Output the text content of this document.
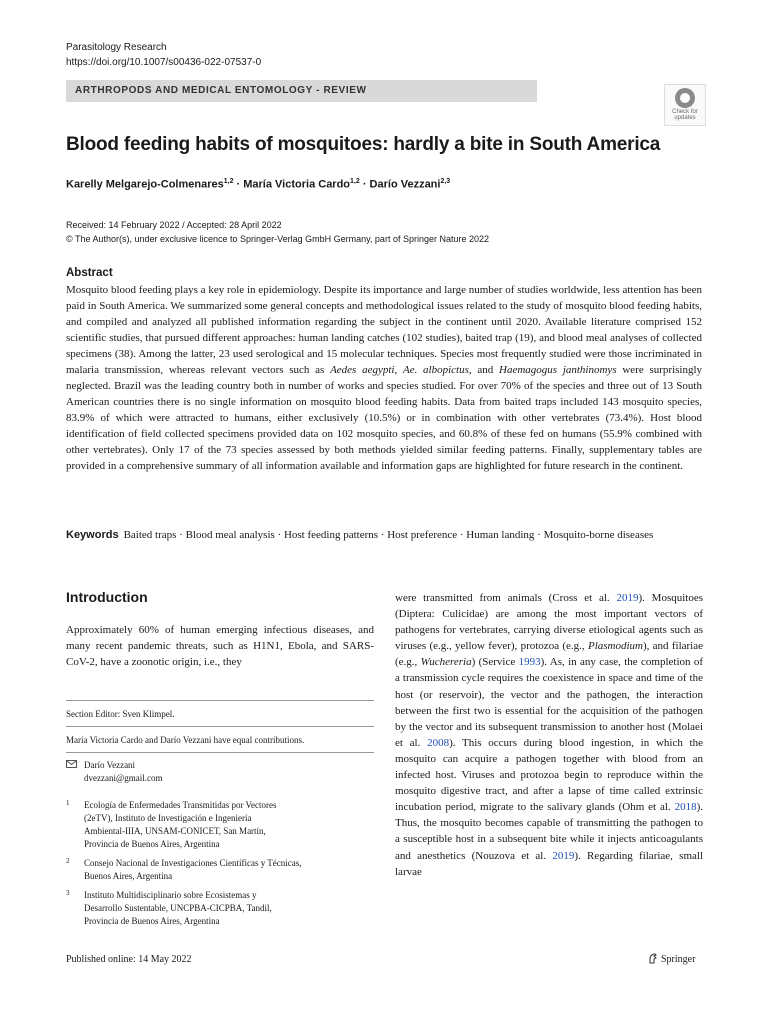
Parasitology Research
https://doi.org/10.1007/s00436-022-07537-0
ARTHROPODS AND MEDICAL ENTOMOLOGY - REVIEW
Check for
updates
Blood feeding habits of mosquitoes: hardly a bite in South America
Karelly Melgarejo-Colmenares$^{1,2}$ · María Victoria Cardo$^{1,2}$ · Darío Vezzani$^{2,3}$
Received: 14 February 2022 / Accepted: 28 April 2022
© The Author(s), under exclusive licence to Springer-Verlag GmbH Germany, part of Springer Nature 2022
Abstract
Mosquito blood feeding plays a key role in epidemiology. Despite its importance and large number of studies worldwide, less attention has been paid in South America. We summarized some general concepts and methodological issues related to the study of mosquito blood feeding habits, and compiled and analyzed all published information regarding the subject in the continent until 2020. Available literature comprised 152 scientific studies, that pursued different approaches: human landing catches (102 studies), baited trap (19), and blood meal analyses of collected specimens (38). Among the latter, 23 used serological and 15 molecular techniques. Species most frequently studied were those incriminated in malaria transmission, whereas relevant vectors such as Aedes aegypti, Ae. albopictus, and Haemagogus janthinomys were surprisingly neglected. Brazil was the leading country both in number of works and species studied. For over 70% of the species and three out of 13 South American countries there is no single information on mosquito blood feeding habits. Data from baited traps included 143 mosquito species, 83.9% of which were attracted to humans, either exclusively (10.5%) or in combination with other vertebrates (73.4%). Host blood identification of field collected specimens provided data on 102 mosquito species, and 60.8% of these fed on humans (55.9% combined with other vertebrates). Only 17 of the 73 species assessed by both methods yielded similar feeding patterns. Finally, supplementary tables are provided in a comprehensive summary of all information available and information gaps are highlighted for future research in the continent.
Keywords Baited traps · Blood meal analysis · Host feeding patterns · Host preference · Human landing · Mosquito-borne diseases
Introduction
Approximately 60% of human emerging infectious diseases, and many recent pandemic threats, such as H1N1, Ebola, and SARS-CoV-2, have a zoonotic origin, i.e., they
Section Editor: Sven Klimpel.
María Victoria Cardo and Darío Vezzani have equal contributions.
Darío Vezzani
dvezzani@gmail.com
1 Ecología de Enfermedades Transmitidas por Vectores
(2eTV), Instituto de Investigación e Ingeniería
Ambiental-IIIA, UNSAM-CONICET, San Martín,
Provincia de Buenos Aires, Argentina
2 Consejo Nacional de Investigaciones Científicas y Técnicas,
Buenos Aires, Argentina
3 Instituto Multidisciplinario sobre Ecosistemas y
Desarrollo Sustentable, UNCPBA-CICPBA, Tandil,
Provincia de Buenos Aires, Argentina
were transmitted from animals (Cross et al. 2019). Mosquitoes (Diptera: Culicidae) are among the most important vectors of pathogens for vertebrates, carrying diverse etiological agents such as viruses (e.g., yellow fever), protozoa (e.g., Plasmodium), and filariae (e.g., Wuchereria) (Service 1993). As, in any case, the completion of a transmission cycle requires the coexistence in space and time of the host (or reservoir), the vector and the pathogen, the interaction between the first two is essential for the acquisition of the pathogen by the vector and its subsequent transmission to another host (Molaei et al. 2008). This occurs during blood ingestion, in which the mosquito can acquire a pathogen together with blood from an infected host. Viruses and protozoa begin to reproduce within the mosquito digestive tract, and after a lapse of time called extrinsic incubation period, migrate to the salivary glands (Ohm et al. 2018). Thus, the mosquito becomes capable of transmitting the pathogen to a susceptible host in a subsequent bite while it injects anticoagulants and anesthetics (Nouzova et al. 2019). Regarding filariae, small larvae
Published online: 14 May 2022	Springer
